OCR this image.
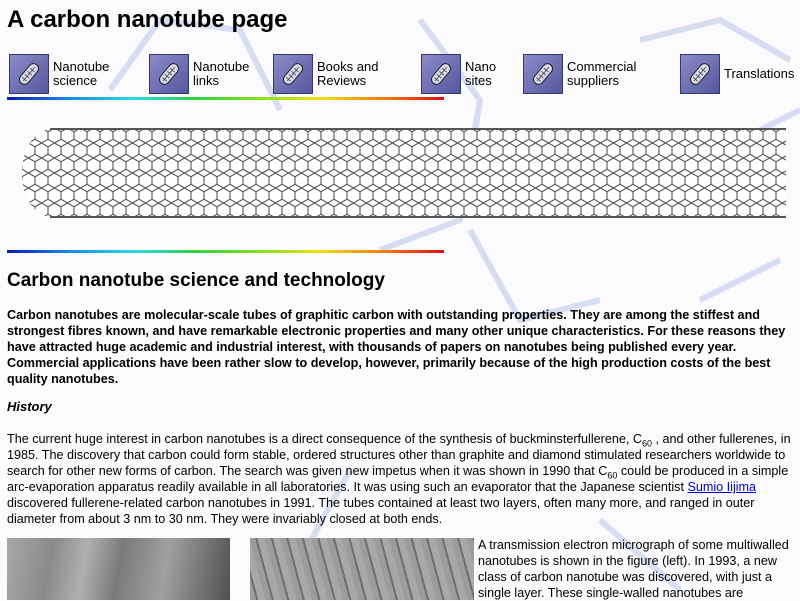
A carbon nanotube page
Nanotube
science
Nanotube
links
Books and
Reviews
Nano
sites
Commercial
suppliers	Translations
Carbon nanotube science and technology

Carbon nanotubes are molecular-scale tubes of graphitic carbon with outstanding properties. They are among the stiffest and strongest fibres known, and have remarkable electronic properties and many other unique characteristics. For these reasons they have attracted huge academic and industrial interest, with thousands of papers on nanotubes being published every year. Commercial applications have been rather slow to develop, however, primarily because of the high production costs of the best quality nanotubes.

History

The current huge interest in carbon nanotubes is a direct consequence of the synthesis of buckminsterfullerene, $C_{60}$ , and other fullerenes, in 1985. The discovery that carbon could form stable, ordered structures other than graphite and diamond stimulated researchers worldwide to search for other new forms of carbon. The search was given new impetus when it was shown in 1990 that $C_{60}$ could be produced in a simple arc-evaporation apparatus readily available in all laboratories. It was using such an evaporator that the Japanese scientist Sumio Iijima discovered fullerene-related carbon nanotubes in 1991. The tubes contained at least two layers, often many more, and ranged in outer diameter from about 3 nm to 30 nm. They were invariably closed at both ends.

A transmission electron micrograph of some multiwalled nanotubes is shown in the figure (left). In 1993, a new class of carbon nanotube was discovered, with just a single layer. These single-walled nanotubes are
